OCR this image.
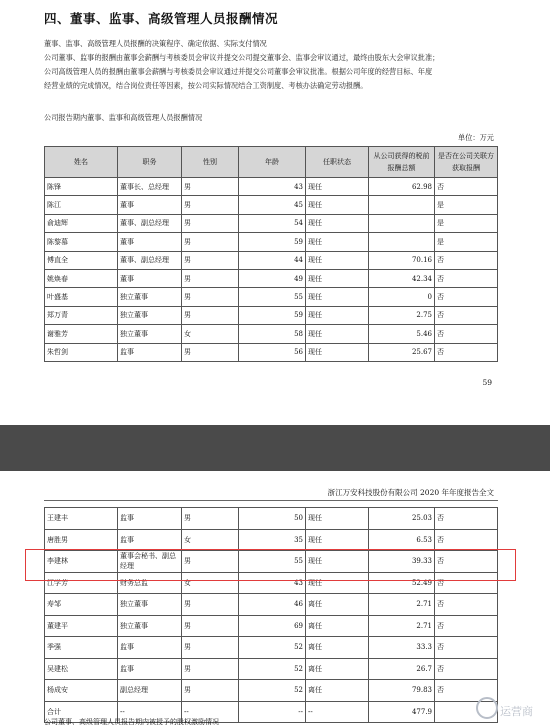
四、董事、监事、高级管理人员报酬情况
董事、监事、高级管理人员报酬的决策程序、确定依据、实际支付情况
公司董事、监事的报酬由董事会薪酬与考核委员会审议并提交公司提交董事会、监事会审议通过，最终由股东大会审议批准；
公司高级管理人员的报酬由董事会薪酬与考核委员会审议通过并提交公司董事会审议批准。根据公司年度的经营目标、年度
经营业绩的完成情况，结合岗位责任等因素，按公司实际情况结合工资制度、考核办法确定劳动报酬。
公司报告期内董事、监事和高级管理人员报酬情况
单位：万元
姓名	职务	性别	年龄	任职状态	从公司获得的税前报酬总额	是否在公司关联方获取报酬
陈锋	董事长、总经理	男	43	现任	62.98	否
陈江	董事	男	45	现任		是
俞迪辉	董事、副总经理	男	54	现任		是
陈黎慕	董事	男	59	现任		是
傅直全	董事、副总经理	男	44	现任	70.16	否
姚焕春	董事	男	49	现任	42.34	否
叶盛基	独立董事	男	55	现任	0	否
郑万青	独立董事	男	59	现任	2.75	否
谢雅芳	独立董事	女	58	现任	5.46	否
朱哲剑	监事	男	56	现任	25.67	否
59
浙江万安科技股份有限公司 2020 年年度报告全文
王建丰	监事	男	50	现任	25.03	否
唐胜男	监事	女	35	现任	6.53	否
李建林	董事会秘书、副总经理	男	55	现任	39.33	否
江学芳	财务总监	女	43	现任	52.49	否
寿邹	独立董事	男	46	离任	2.71	否
董建平	独立董事	男	69	离任	2.71	否
季强	监事	男	52	离任	33.3	否
吴建松	监事	男	52	离任	26.7	否
杨成安	副总经理	男	52	离任	79.83	否
合计	--	--	--	--	477.9	
公司董事、高级管理人员报告期内被授予的股权激励情况
运营商
